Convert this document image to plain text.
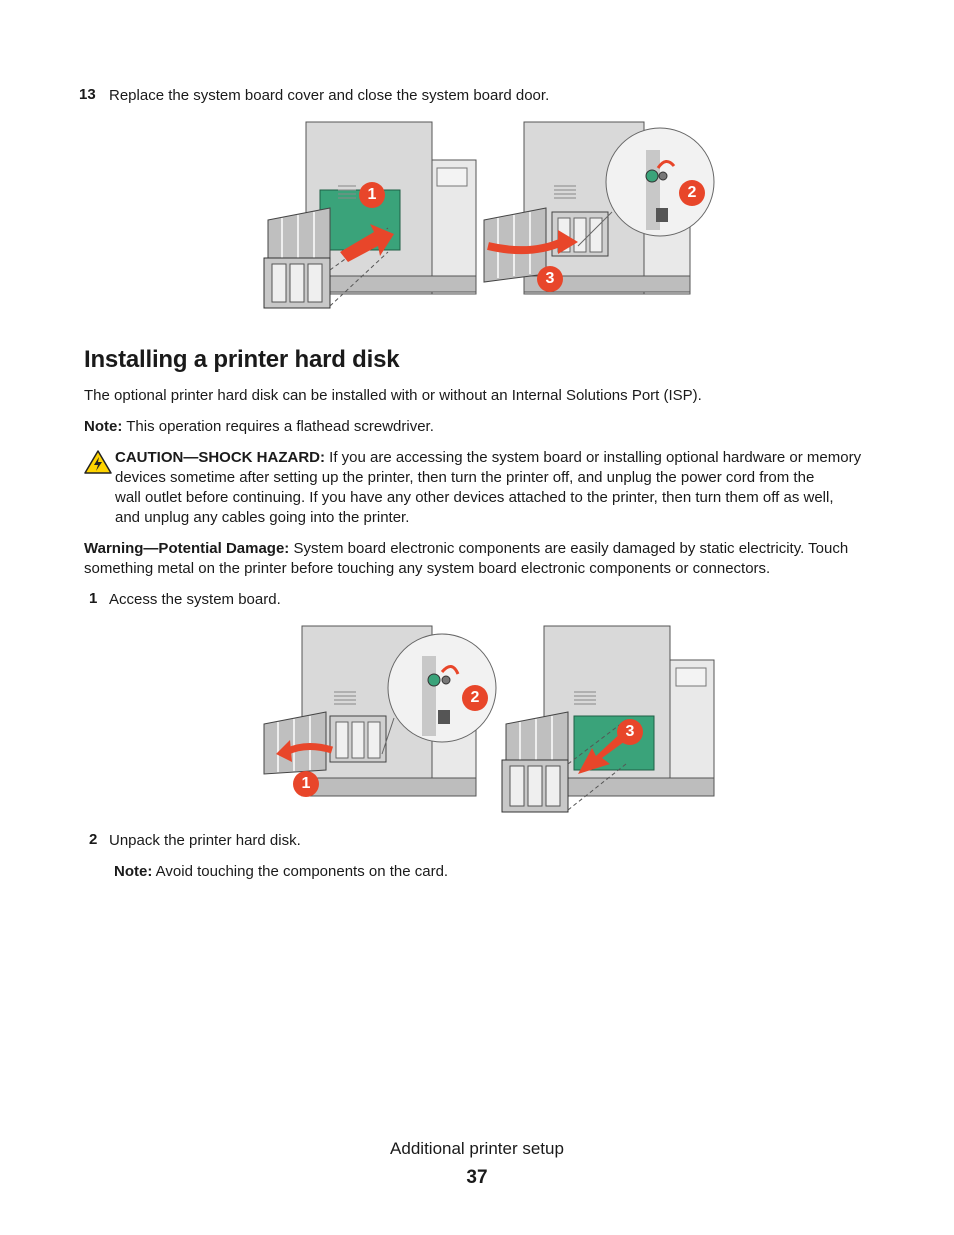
13 Replace the system board cover and close the system board door.
1	2
3
Installing a printer hard disk
The optional printer hard disk can be installed with or without an Internal Solutions Port (ISP).
Note: This operation requires a flathead screwdriver.
CAUTION—SHOCK HAZARD: If you are accessing the system board or installing optional hardware or memory
devices sometime after setting up the printer, then turn the printer off, and unplug the power cord from the
wall outlet before continuing. If you have any other devices attached to the printer, then turn them off as well,
and unplug any cables going into the printer.
Warning—Potential Damage: System board electronic components are easily damaged by static electricity. Touch
something metal on the printer before touching any system board electronic components or connectors.
1 Access the system board.
1
2
3
2 Unpack the printer hard disk.
Note: Avoid touching the components on the card.
Additional printer setup
37
